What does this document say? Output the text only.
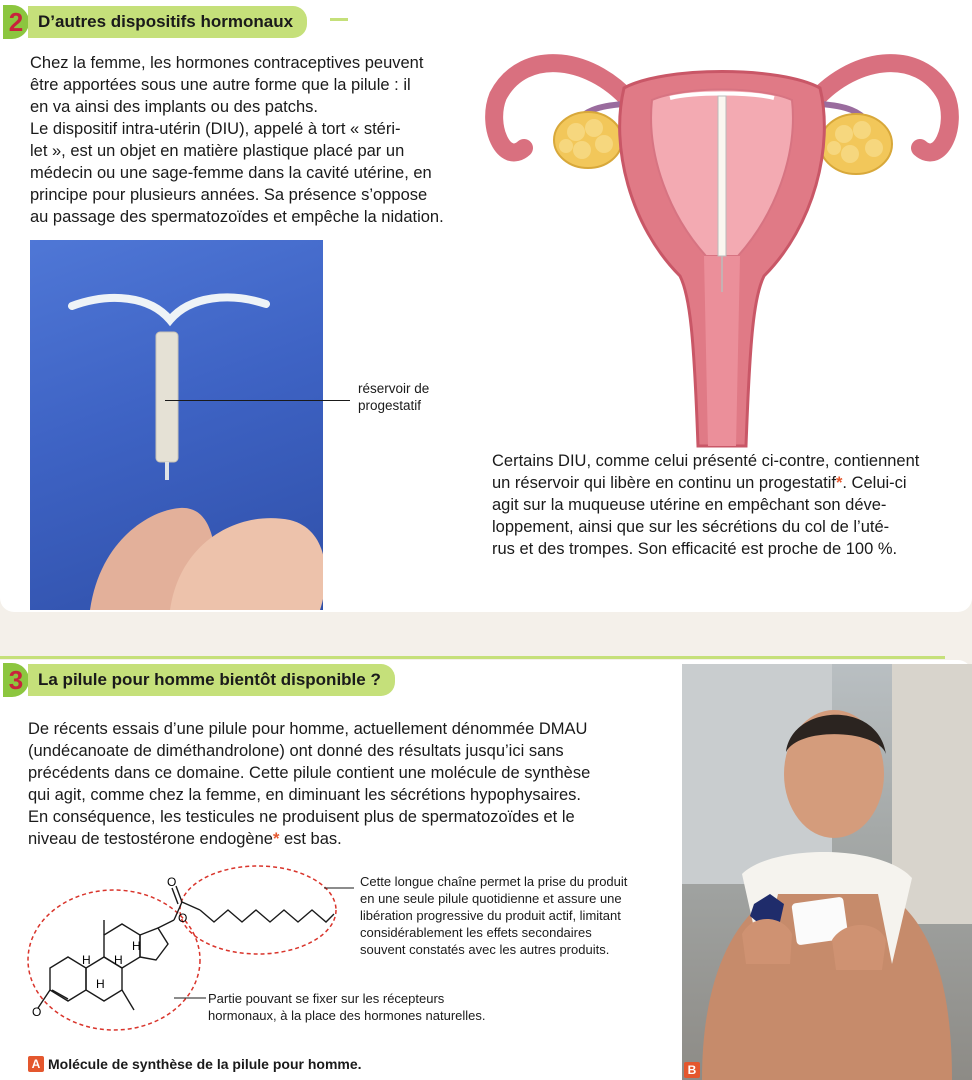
2 D’autres dispositifs hormonaux
Chez la femme, les hormones contraceptives peuvent
être apportées sous une autre forme que la pilule : il
en va ainsi des implants ou des patchs.
Le dispositif intra-utérin (DIU), appelé à tort « stéri-
let », est un objet en matière plastique placé par un
médecin ou une sage-femme dans la cavité utérine, en
principe pour plusieurs années. Sa présence s’oppose
au passage des spermatozoïdes et empêche la nidation.
réservoir de
progestatif
Certains DIU, comme celui présenté ci-contre, contiennent
un réservoir qui libère en continu un progestatif*. Celui-ci
agit sur la muqueuse utérine en empêchant son déve-
loppement, ainsi que sur les sécrétions du col de l’uté-
rus et des trompes. Son efficacité est proche de 100 %.
3 La pilule pour homme bientôt disponible ?
De récents essais d’une pilule pour homme, actuellement dénommée DMAU
(undécanoate de diméthandrolone) ont donné des résultats jusqu’ici sans
précédents dans ce domaine. Cette pilule contient une molécule de synthèse
qui agit, comme chez la femme, en diminuant les sécrétions hypophysaires.
En conséquence, les testicules ne produisent plus de spermatozoïdes et le
niveau de testostérone endogène* est bas.
O
O
O
H H
H
H
Cette longue chaîne permet la prise du produit
en une seule pilule quotidienne et assure une
libération progressive du produit actif, limitant
considérablement les effets secondaires
souvent constatés avec les autres produits.
Partie pouvant se fixer sur les récepteurs
hormonaux, à la place des hormones naturelles.
A Molécule de synthèse de la pilule pour homme.	B
